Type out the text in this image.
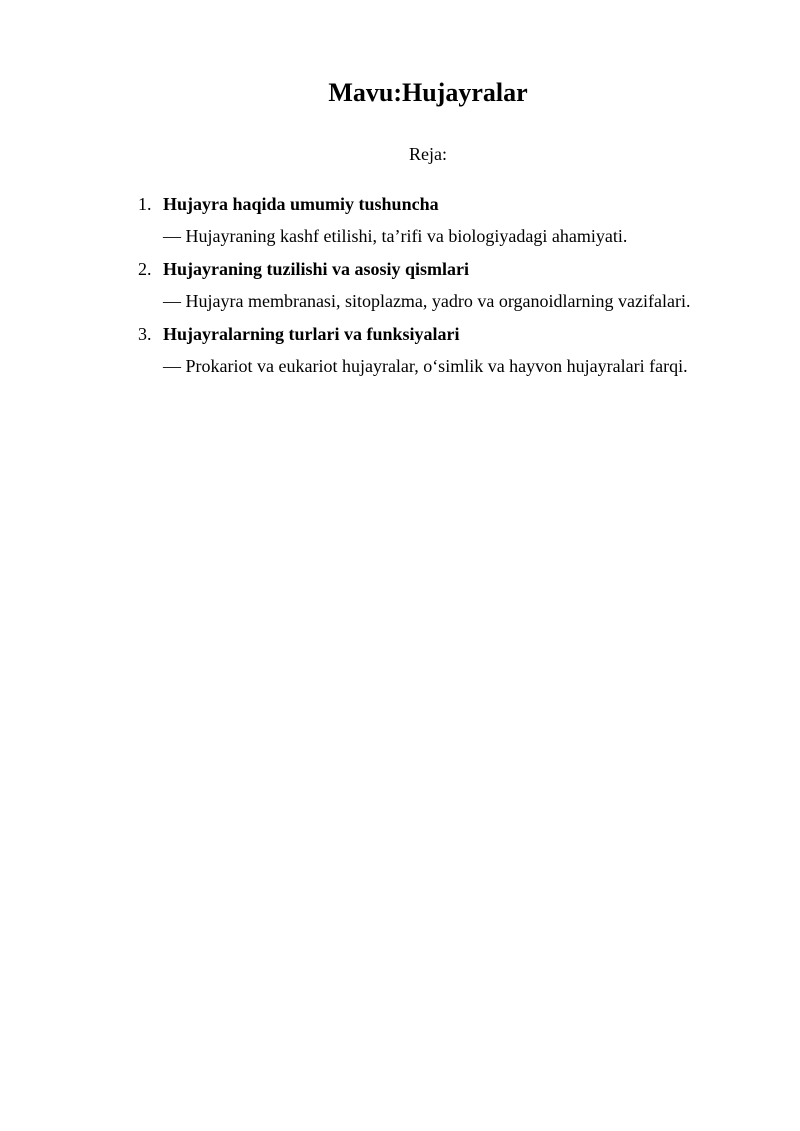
Mavu:Hujayralar

Reja:

1. Hujayra haqida umumiy tushuncha
— Hujayraning kashf etilishi, ta’rifi va biologiyadagi ahamiyati.
2. Hujayraning tuzilishi va asosiy qismlari
— Hujayra membranasi, sitoplazma, yadro va organoidlarning vazifalari.
3. Hujayralarning turlari va funksiyalari
— Prokariot va eukariot hujayralar, o‘simlik va hayvon hujayralari farqi.
